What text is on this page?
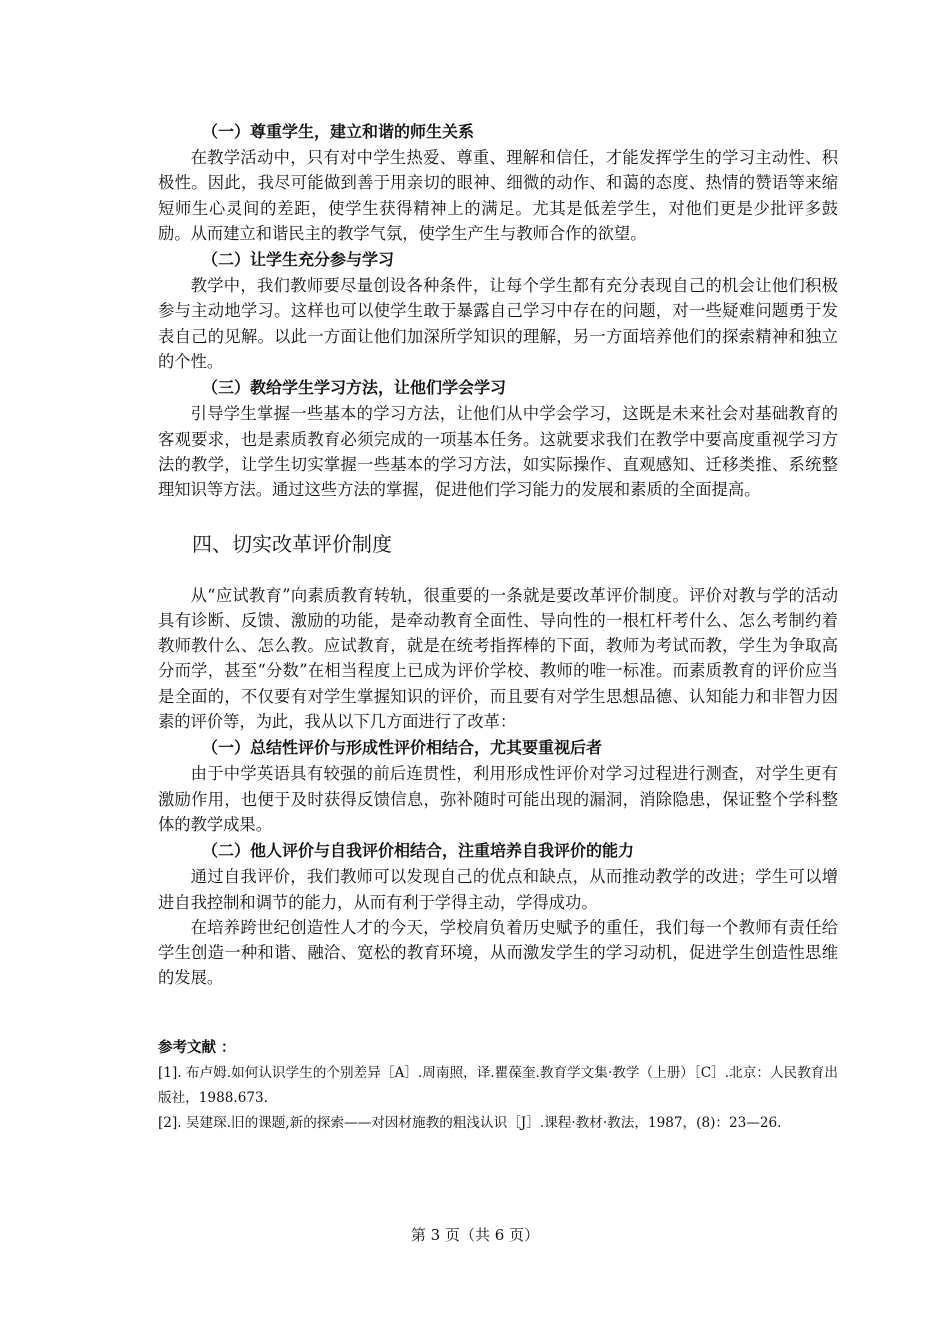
（一）尊重学生，建立和谐的师生关系

在教学活动中，只有对中学生热爱、尊重、理解和信任，才能发挥学生的学习主动性、积极性。因此，我尽可能做到善于用亲切的眼神、细微的动作、和蔼的态度、热情的赞语等来缩短师生心灵间的差距，使学生获得精神上的满足。尤其是低差学生，对他们更是少批评多鼓励。从而建立和谐民主的教学气氛，使学生产生与教师合作的欲望。

（二）让学生充分参与学习

教学中，我们教师要尽量创设各种条件，让每个学生都有充分表现自己的机会让他们积极参与主动地学习。这样也可以使学生敢于暴露自己学习中存在的问题，对一些疑难问题勇于发表自己的见解。以此一方面让他们加深所学知识的理解，另一方面培养他们的探索精神和独立的个性。

（三）教给学生学习方法，让他们学会学习

引导学生掌握一些基本的学习方法，让他们从中学会学习，这既是未来社会对基础教育的客观要求，也是素质教育必须完成的一项基本任务。这就要求我们在教学中要高度重视学习方法的教学，让学生切实掌握一些基本的学习方法，如实际操作、直观感知、迁移类推、系统整理知识等方法。通过这些方法的掌握，促进他们学习能力的发展和素质的全面提高。

四、切实改革评价制度

从“应试教育”向素质教育转轨，很重要的一条就是要改革评价制度。评价对教与学的活动具有诊断、反馈、激励的功能，是牵动教育全面性、导向性的一根杠杆考什么、怎么考制约着教师教什么、怎么教。应试教育，就是在统考指挥棒的下面，教师为考试而教，学生为争取高分而学，甚至“分数”在相当程度上已成为评价学校、教师的唯一标准。而素质教育的评价应当是全面的，不仅要有对学生掌握知识的评价，而且要有对学生思想品德、认知能力和非智力因素的评价等，为此，我从以下几方面进行了改革：

（一）总结性评价与形成性评价相结合，尤其要重视后者

由于中学英语具有较强的前后连贯性，利用形成性评价对学习过程进行测查，对学生更有激励作用，也便于及时获得反馈信息，弥补随时可能出现的漏洞，消除隐患，保证整个学科整体的教学成果。

（二）他人评价与自我评价相结合，注重培养自我评价的能力

通过自我评价，我们教师可以发现自己的优点和缺点，从而推动教学的改进；学生可以增进自我控制和调节的能力，从而有利于学得主动，学得成功。

在培养跨世纪创造性人才的今天，学校肩负着历史赋予的重任，我们每一个教师有责任给学生创造一种和谐、融洽、宽松的教育环境，从而激发学生的学习动机，促进学生创造性思维的发展。

参考文献 ：

[1]. 布卢姆.如何认识学生的个别差异［A］.周南照，译.瞿葆奎.教育学文集·教学（上册）［C］.北京：人民教育出版社，1988.673.

[2]. 吴建琛.旧的课题,新的探索——对因材施教的粗浅认识［J］.课程·教材·教法，1987，(8)：23—26.

第 3 页（共 6 页）
